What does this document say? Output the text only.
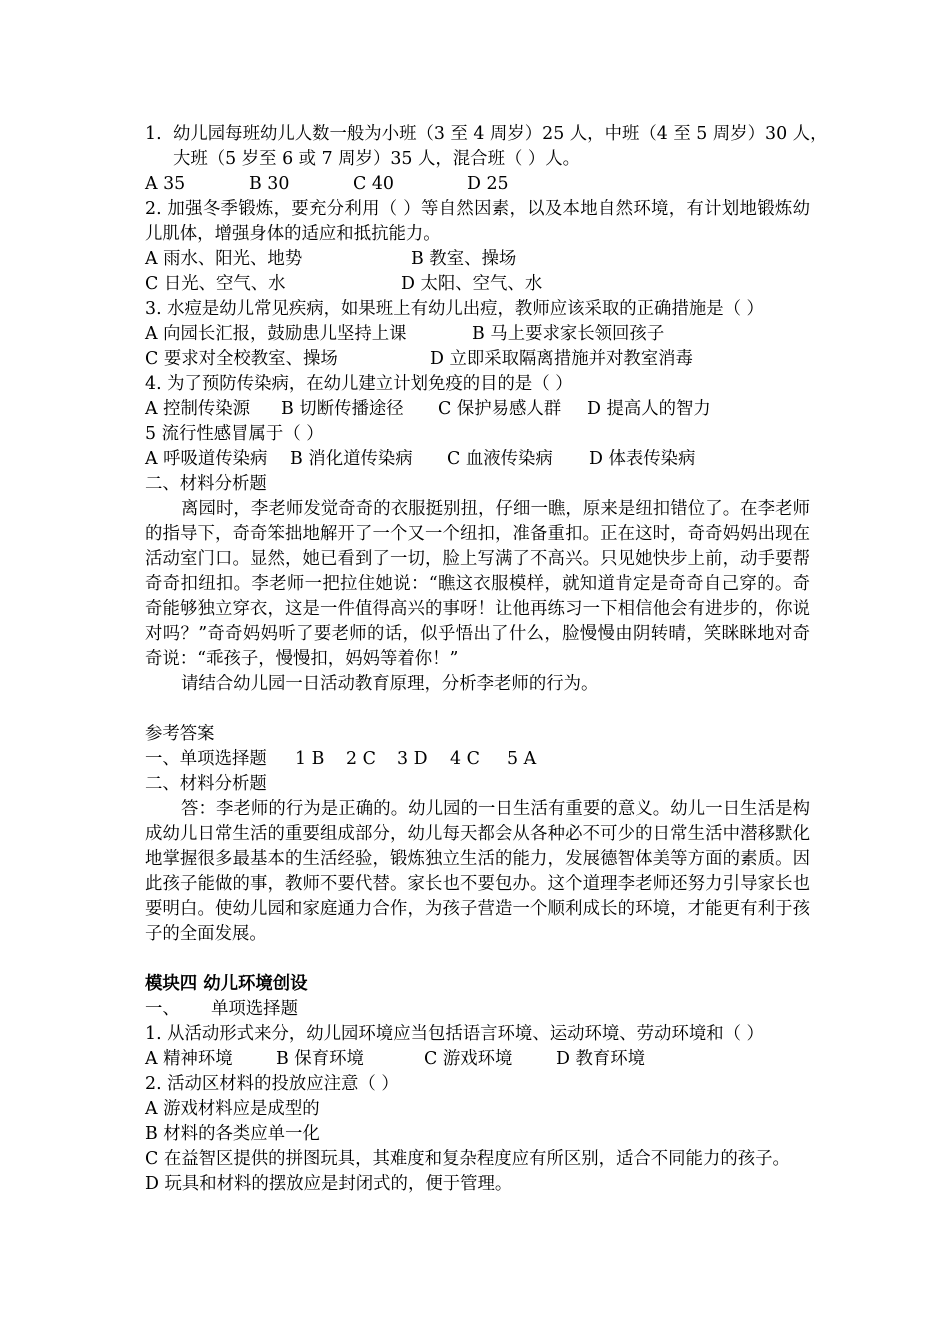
1. 幼儿园每班幼儿人数一般为小班（3 至 4 周岁）25 人，中班（4 至 5 周岁）30 人，
大班（5 岁至 6 或 7 周岁）35 人，混合班（ ）人。
A 35	B 30	C 40	D 25
2. 加强冬季锻炼，要充分利用（ ）等自然因素，以及本地自然环境，有计划地锻炼幼儿肌体，增强身体的适应和抵抗能力。
A 雨水、阳光、地势	B 教室、操场
C 日光、空气、水	D 太阳、空气、水
3. 水痘是幼儿常见疾病，如果班上有幼儿出痘，教师应该采取的正确措施是（ ）
A 向园长汇报，鼓励患儿坚持上课	B 马上要求家长领回孩子
C 要求对全校教室、操场	D 立即采取隔离措施并对教室消毒
4. 为了预防传染病，在幼儿建立计划免疫的目的是（ ）
A 控制传染源	B 切断传播途径	C 保护易感人群	D 提高人的智力
5 流行性感冒属于（ ）
A 呼吸道传染病	B 消化道传染病	C 血液传染病	D 体表传染病
二、材料分析题
离园时，李老师发觉奇奇的衣服挺别扭，仔细一瞧，原来是纽扣错位了。在李老师的指导下，奇奇笨拙地解开了一个又一个纽扣，准备重扣。正在这时，奇奇妈妈出现在活动室门口。显然，她已看到了一切，脸上写满了不高兴。只见她快步上前，动手要帮奇奇扣纽扣。李老师一把拉住她说：“瞧这衣服模样，就知道肯定是奇奇自己穿的。奇奇能够独立穿衣，这是一件值得高兴的事呀！让他再练习一下相信他会有进步的，你说对吗？”奇奇妈妈听了要老师的话，似乎悟出了什么，脸慢慢由阴转晴，笑眯眯地对奇奇说：“乖孩子，慢慢扣，妈妈等着你！”
请结合幼儿园一日活动教育原理，分析李老师的行为。
参考答案
一、单项选择题	1 B	2 C	3 D	4 C	5 A
二、材料分析题
答：李老师的行为是正确的。幼儿园的一日生活有重要的意义。幼儿一日生活是构成幼儿日常生活的重要组成部分，幼儿每天都会从各种必不可少的日常生活中潜移默化地掌握很多最基本的生活经验，锻炼独立生活的能力，发展德智体美等方面的素质。因此孩子能做的事，教师不要代替。家长也不要包办。这个道理李老师还努力引导家长也要明白。使幼儿园和家庭通力合作，为孩子营造一个顺利成长的环境，才能更有利于孩子的全面发展。
模块四 幼儿环境创设
一、	单项选择题
1. 从活动形式来分，幼儿园环境应当包括语言环境、运动环境、劳动环境和（ ）
A 精神环境	B 保育环境	C 游戏环境	D 教育环境
2. 活动区材料的投放应注意（ ）
A 游戏材料应是成型的
B 材料的各类应单一化
C 在益智区提供的拼图玩具，其难度和复杂程度应有所区别，适合不同能力的孩子。
D 玩具和材料的摆放应是封闭式的，便于管理。
